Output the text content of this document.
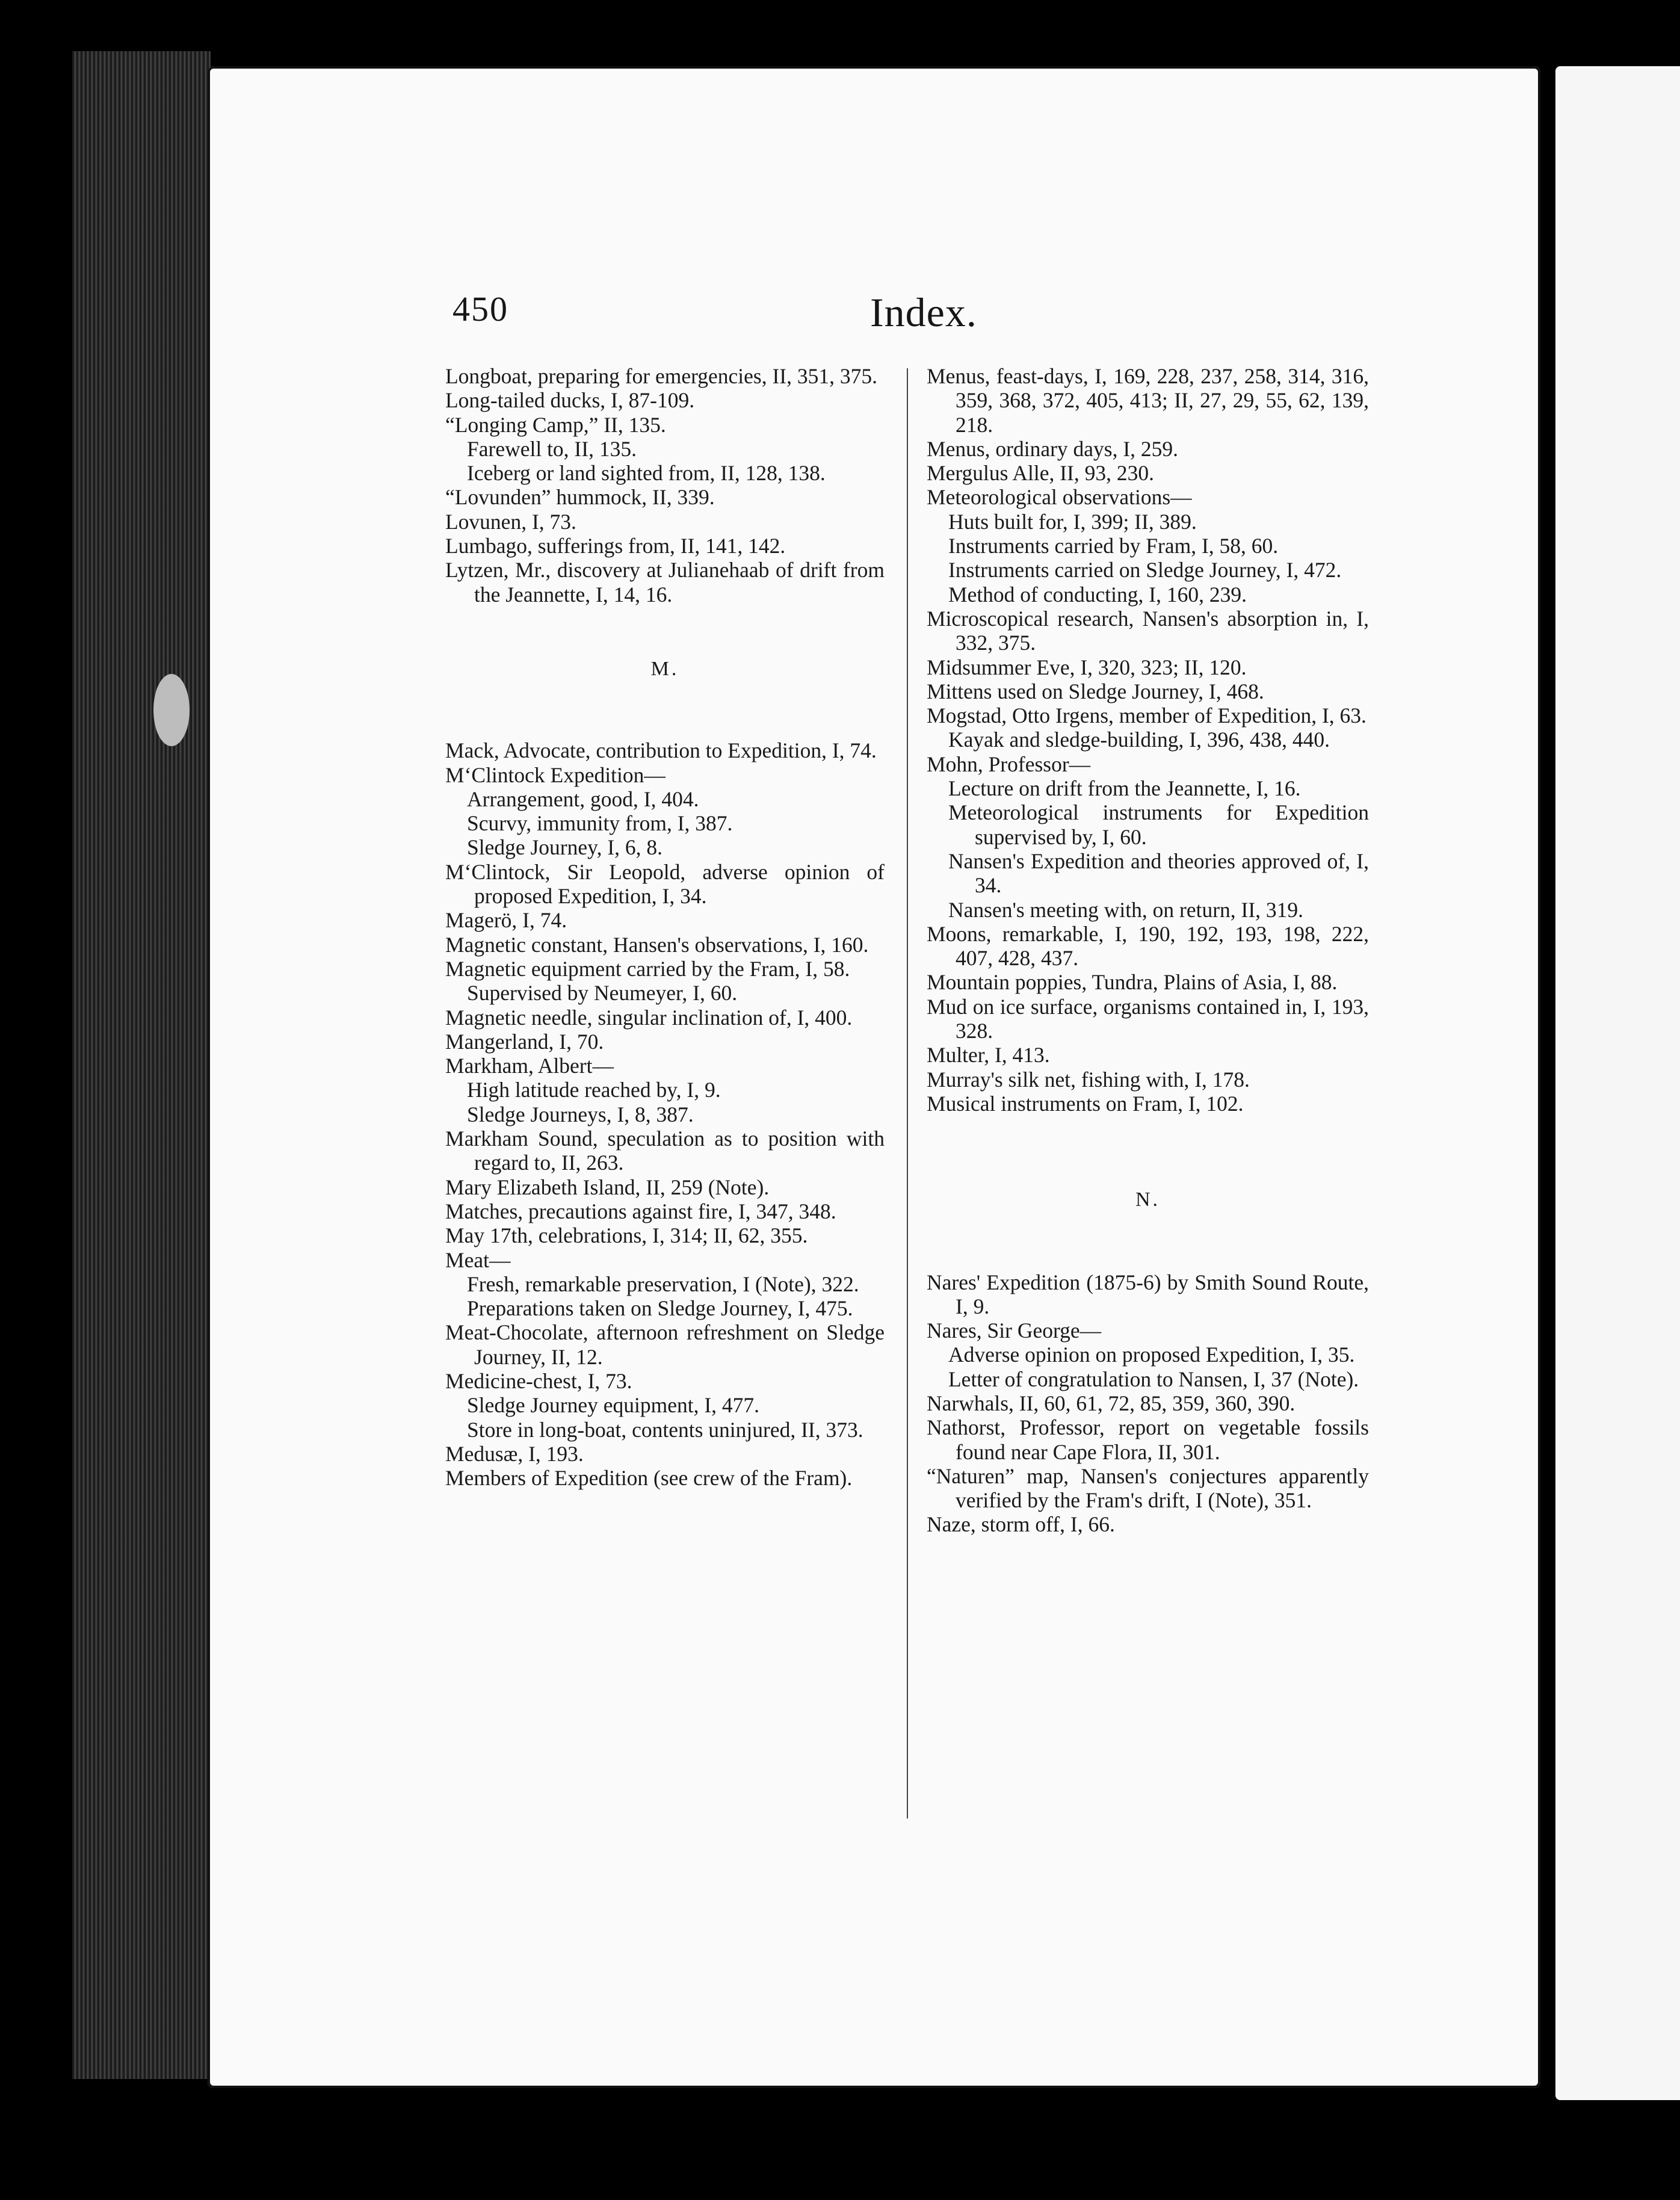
450	Index.
Longboat, preparing for emergencies, II, 351, 375.
Long-tailed ducks, I, 87-109.
“Longing Camp,” II, 135.
Farewell to, II, 135.
Iceberg or land sighted from, II, 128, 138.
“Lovunden” hummock, II, 339.
Lovunen, I, 73.
Lumbago, sufferings from, II, 141, 142.
Lytzen, Mr., discovery at Julianehaab of drift from the Jeannette, I, 14, 16.
M.
Mack, Advocate, contribution to Expedition, I, 74.
M‘Clintock Expedition—
Arrangement, good, I, 404.
Scurvy, immunity from, I, 387.
Sledge Journey, I, 6, 8.
M‘Clintock, Sir Leopold, adverse opinion of proposed Expedition, I, 34.
Magerö, I, 74.
Magnetic constant, Hansen's observations, I, 160.
Magnetic equipment carried by the Fram, I, 58.
Supervised by Neumeyer, I, 60.
Magnetic needle, singular inclination of, I, 400.
Mangerland, I, 70.
Markham, Albert—
High latitude reached by, I, 9.
Sledge Journeys, I, 8, 387.
Markham Sound, speculation as to position with regard to, II, 263.
Mary Elizabeth Island, II, 259 (Note).
Matches, precautions against fire, I, 347, 348.
May 17th, celebrations, I, 314; II, 62, 355.
Meat—
Fresh, remarkable preservation, I (Note), 322.
Preparations taken on Sledge Journey, I, 475.
Meat-Chocolate, afternoon refreshment on Sledge Journey, II, 12.
Medicine-chest, I, 73.
Sledge Journey equipment, I, 477.
Store in long-boat, contents uninjured, II, 373.
Medusæ, I, 193.
Members of Expedition (see crew of the Fram).
Menus, feast-days, I, 169, 228, 237, 258, 314, 316, 359, 368, 372, 405, 413; II, 27, 29, 55, 62, 139, 218.
Menus, ordinary days, I, 259.
Mergulus Alle, II, 93, 230.
Meteorological observations—
Huts built for, I, 399; II, 389.
Instruments carried by Fram, I, 58, 60.
Instruments carried on Sledge Journey, I, 472.
Method of conducting, I, 160, 239.
Microscopical research, Nansen's absorption in, I, 332, 375.
Midsummer Eve, I, 320, 323; II, 120.
Mittens used on Sledge Journey, I, 468.
Mogstad, Otto Irgens, member of Expedition, I, 63.
Kayak and sledge-building, I, 396, 438, 440.
Mohn, Professor—
Lecture on drift from the Jeannette, I, 16.
Meteorological instruments for Expedition supervised by, I, 60.
Nansen's Expedition and theories approved of, I, 34.
Nansen's meeting with, on return, II, 319.
Moons, remarkable, I, 190, 192, 193, 198, 222, 407, 428, 437.
Mountain poppies, Tundra, Plains of Asia, I, 88.
Mud on ice surface, organisms contained in, I, 193, 328.
Multer, I, 413.
Murray's silk net, fishing with, I, 178.
Musical instruments on Fram, I, 102.
N.
Nares' Expedition (1875-6) by Smith Sound Route, I, 9.
Nares, Sir George—
Adverse opinion on proposed Expedition, I, 35.
Letter of congratulation to Nansen, I, 37 (Note).
Narwhals, II, 60, 61, 72, 85, 359, 360, 390.
Nathorst, Professor, report on vegetable fossils found near Cape Flora, II, 301.
“Naturen” map, Nansen's conjectures apparently verified by the Fram's drift, I (Note), 351.
Naze, storm off, I, 66.
